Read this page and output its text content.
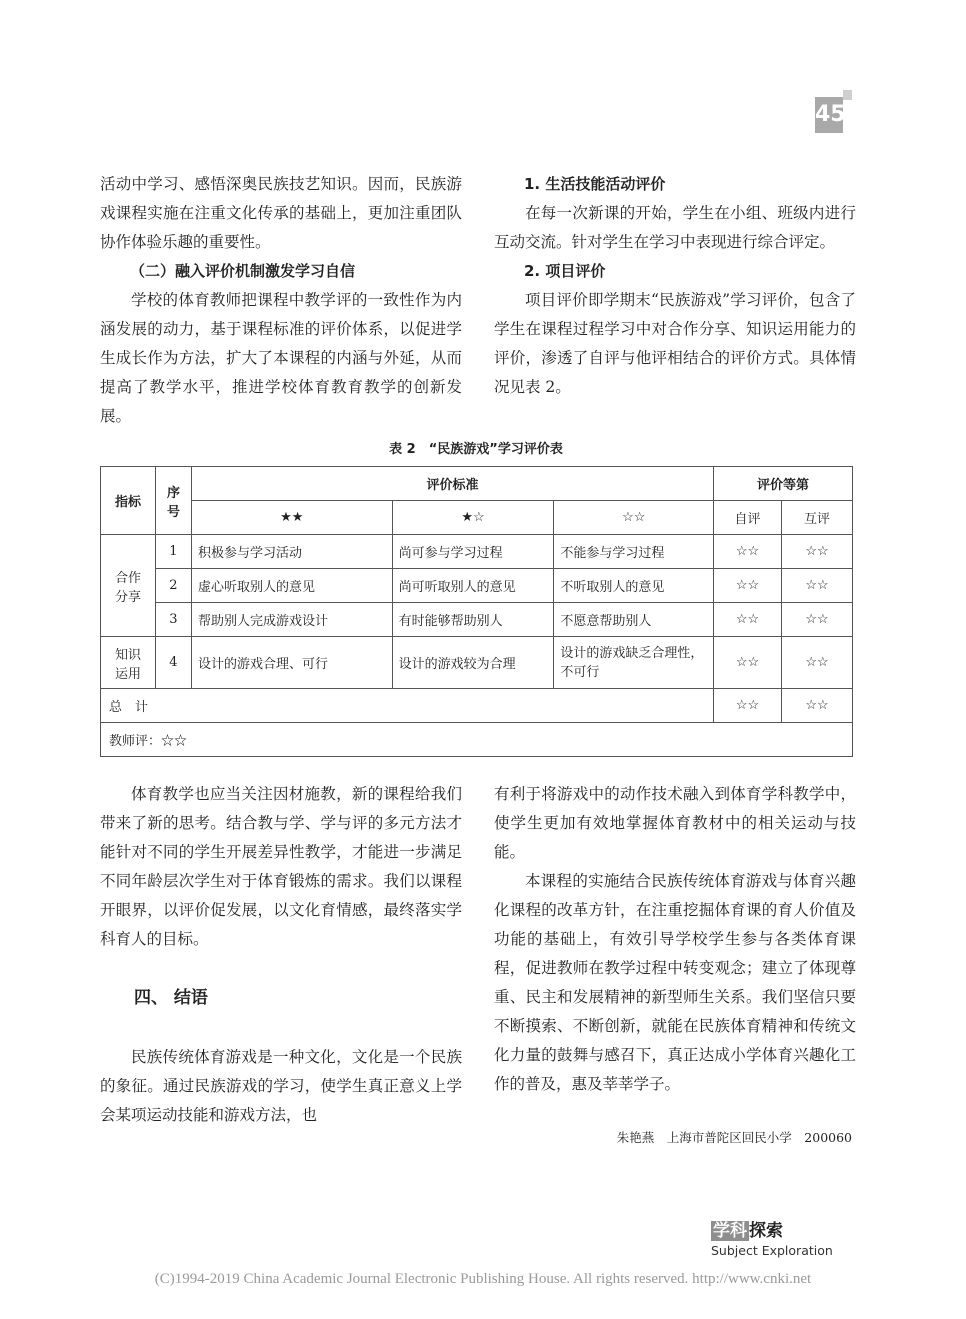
45

活动中学习、感悟深奥民族技艺知识。因而，民族游戏课程实施在注重文化传承的基础上，更加注重团队协作体验乐趣的重要性。

（二）融入评价机制激发学习自信

学校的体育教师把课程中教学评的一致性作为内涵发展的动力，基于课程标准的评价体系，以促进学生成长作为方法，扩大了本课程的内涵与外延，从而提高了教学水平，推进学校体育教育教学的创新发展。

1. 生活技能活动评价

在每一次新课的开始，学生在小组、班级内进行互动交流。针对学生在学习中表现进行综合评定。

2. 项目评价

项目评价即学期末“民族游戏”学习评价，包含了学生在课程过程学习中对合作分享、知识运用能力的评价，渗透了自评与他评相结合的评价方式。具体情况见表 2。

表 2　“民族游戏”学习评价表
指标	序号	评价标准			评价等第	
		★★	★☆	☆☆	自评	互评
合作分享	1	积极参与学习活动	尚可参与学习过程	不能参与学习过程	☆☆	☆☆
	2	虚心听取别人的意见	尚可听取别人的意见	不听取别人的意见	☆☆	☆☆
	3	帮助别人完成游戏设计	有时能够帮助别人	不愿意帮助别人	☆☆	☆☆
知识运用	4	设计的游戏合理、可行	设计的游戏较为合理	设计的游戏缺乏合理性，不可行	☆☆	☆☆
总　计					☆☆	☆☆
教师评：☆☆						

体育教学也应当关注因材施教，新的课程给我们带来了新的思考。结合教与学、学与评的多元方法才能针对不同的学生开展差异性教学，才能进一步满足不同年龄层次学生对于体育锻炼的需求。我们以课程开眼界，以评价促发展，以文化育情感，最终落实学科育人的目标。

四、 结语

民族传统体育游戏是一种文化，文化是一个民族的象征。通过民族游戏的学习，使学生真正意义上学会某项运动技能和游戏方法，也

有利于将游戏中的动作技术融入到体育学科教学中，使学生更加有效地掌握体育教材中的相关运动与技能。

本课程的实施结合民族传统体育游戏与体育兴趣化课程的改革方针，在注重挖掘体育课的育人价值及功能的基础上，有效引导学校学生参与各类体育课程，促进教师在教学过程中转变观念；建立了体现尊重、民主和发展精神的新型师生关系。我们坚信只要不断摸索、不断创新，就能在民族体育精神和传统文化力量的鼓舞与感召下，真正达成小学体育兴趣化工作的普及，惠及莘莘学子。

朱艳燕　上海市普陀区回民小学　200060
学科 探索
Subject Exploration
(C)1994-2019 China Academic Journal Electronic Publishing House. All rights reserved. http://www.cnki.net
